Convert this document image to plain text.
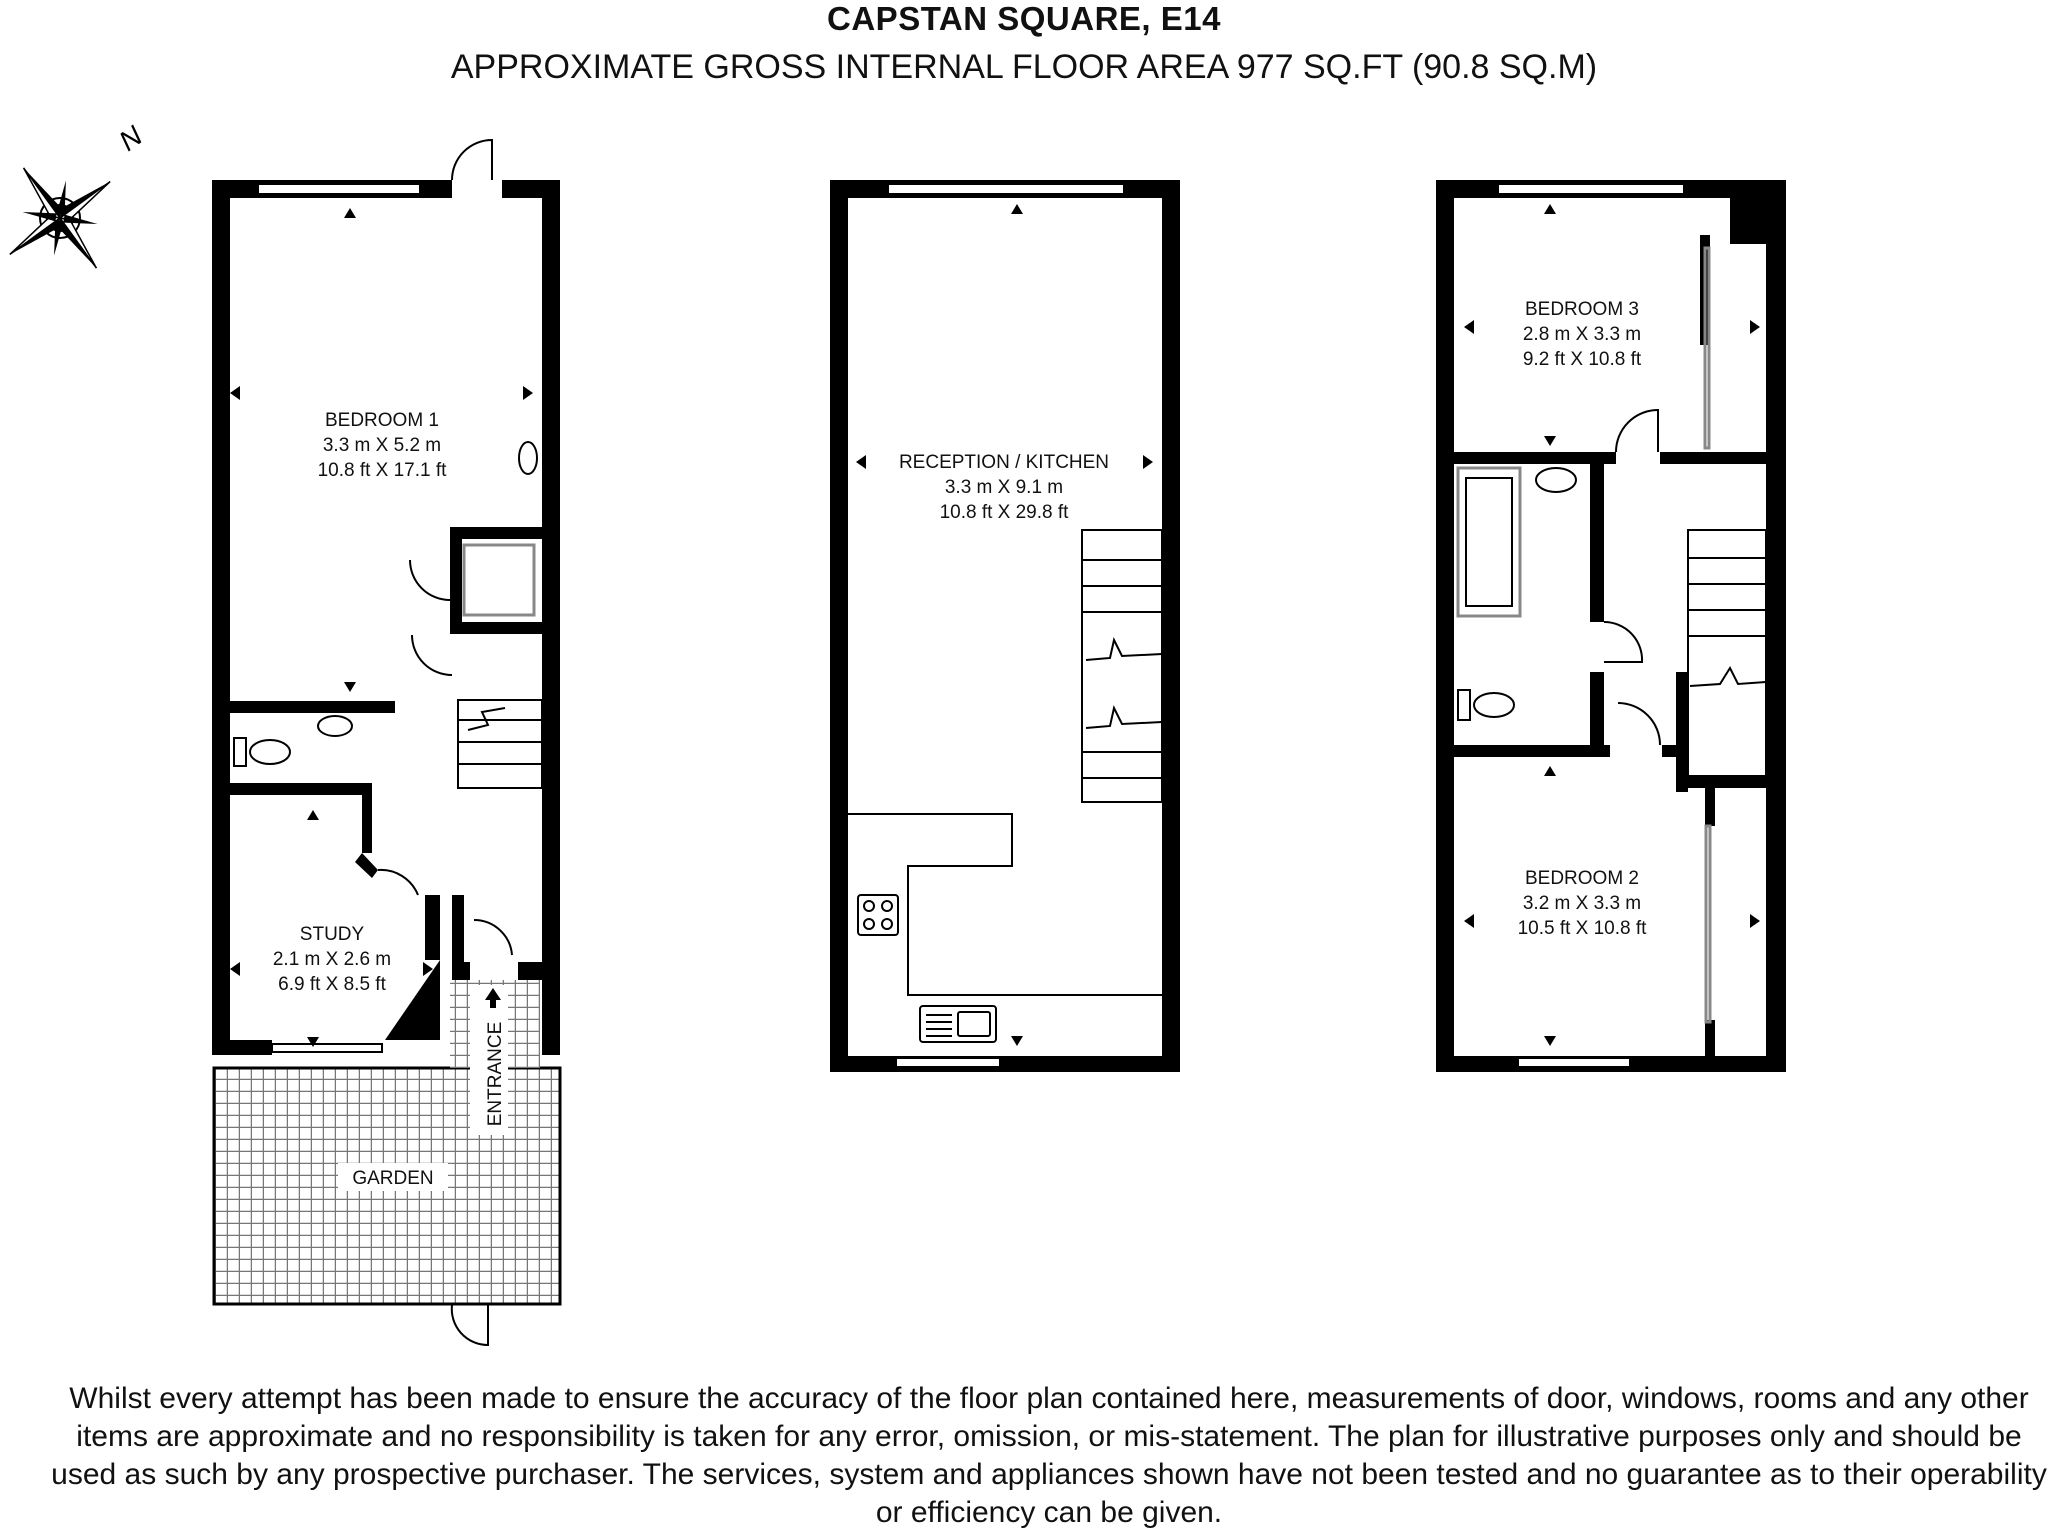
CAPSTAN SQUARE, E14
APPROXIMATE GROSS INTERNAL FLOOR AREA 977 SQ.FT (90.8 SQ.M)
N
BEDROOM 1
3.3 m X 5.2 m
10.8 ft X 17.1 ft
STUDY
2.1 m X 2.6 m
6.9 ft X 8.5 ft
RECEPTION / KITCHEN
3.3 m X 9.1 m
10.8 ft X 29.8 ft
BEDROOM 3
2.8 m X 3.3 m
9.2 ft X 10.8 ft
BEDROOM 2
3.2 m X 3.3 m
10.5 ft X 10.8 ft
GARDEN
ENTRANCE
Whilst every attempt has been made to ensure the accuracy of the floor plan contained here, measurements of door, windows, rooms and any other items are approximate and no responsibility is taken for any error, omission, or mis-statement. The plan for illustrative purposes only and should be used as such by any prospective purchaser. The services, system and appliances shown have not been tested and no guarantee as to their operability or efficiency can be given.
